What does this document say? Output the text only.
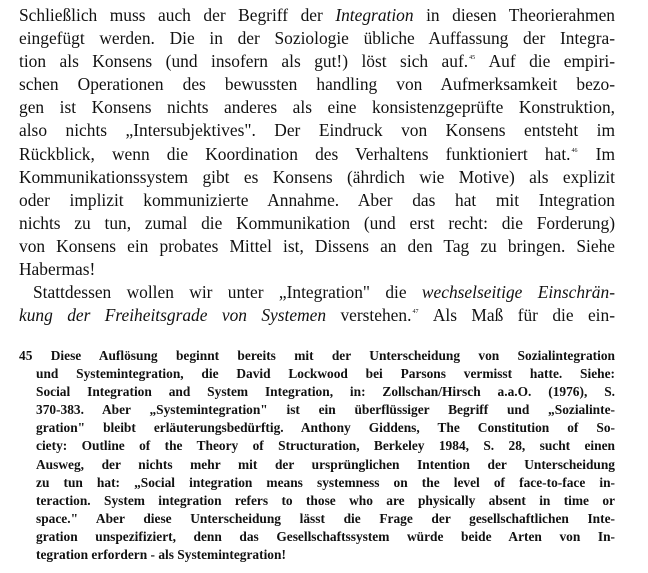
Schließlich muss auch der Begriff der Integration in diesen Theorierahmen
eingefügt werden. Die in der Soziologie übliche Auffassung der Integra-
tion als Konsens (und insofern als gut!) löst sich auf.$^{45}$ Auf die empiri-
schen Operationen des bewussten handling von Aufmerksamkeit bezo-
gen ist Konsens nichts anderes als eine konsistenzgeprüfte Konstruktion,
also nichts „Intersubjektives". Der Eindruck von Konsens entsteht im
Rückblick, wenn die Koordination des Verhaltens funktioniert hat.$^{46}$ Im
Kommunikationssystem gibt es Konsens (ährdich wie Motive) als explizit
oder implizit kommunizierte Annahme. Aber das hat mit Integration
nichts zu tun, zumal die Kommunikation (und erst recht: die Forderung)
von Konsens ein probates Mittel ist, Dissens an den Tag zu bringen. Siehe
Habermas!
Stattdessen wollen wir unter „Integration" die wechselseitige Einschrän-
kung der Freiheitsgrade von Systemen verstehen.$^{47}$ Als Maß für die ein-
45 Diese Auflösung beginnt bereits mit der Unterscheidung von Sozialintegration
und Systemintegration, die David Lockwood bei Parsons vermisst hatte. Siehe:
Social Integration and System Integration, in: Zollschan/Hirsch a.a.O. (1976), S.
370-383. Aber „Systemintegration" ist ein überflüssiger Begriff und „Sozialinte-
gration" bleibt erläuterungsbedürftig. Anthony Giddens, The Constitution of So-
ciety: Outline of the Theory of Structuration, Berkeley 1984, S. 28, sucht einen
Ausweg, der nichts mehr mit der ursprünglichen Intention der Unterscheidung
zu tun hat: „Social integration means systemness on the level of face-to-face in-
teraction. System integration refers to those who are physically absent in time or
space." Aber diese Unterscheidung lässt die Frage der gesellschaftlichen Inte-
gration unspezifiziert, denn das Gesellschaftssystem würde beide Arten von In-
tegration erfordern - als Systemintegration!
